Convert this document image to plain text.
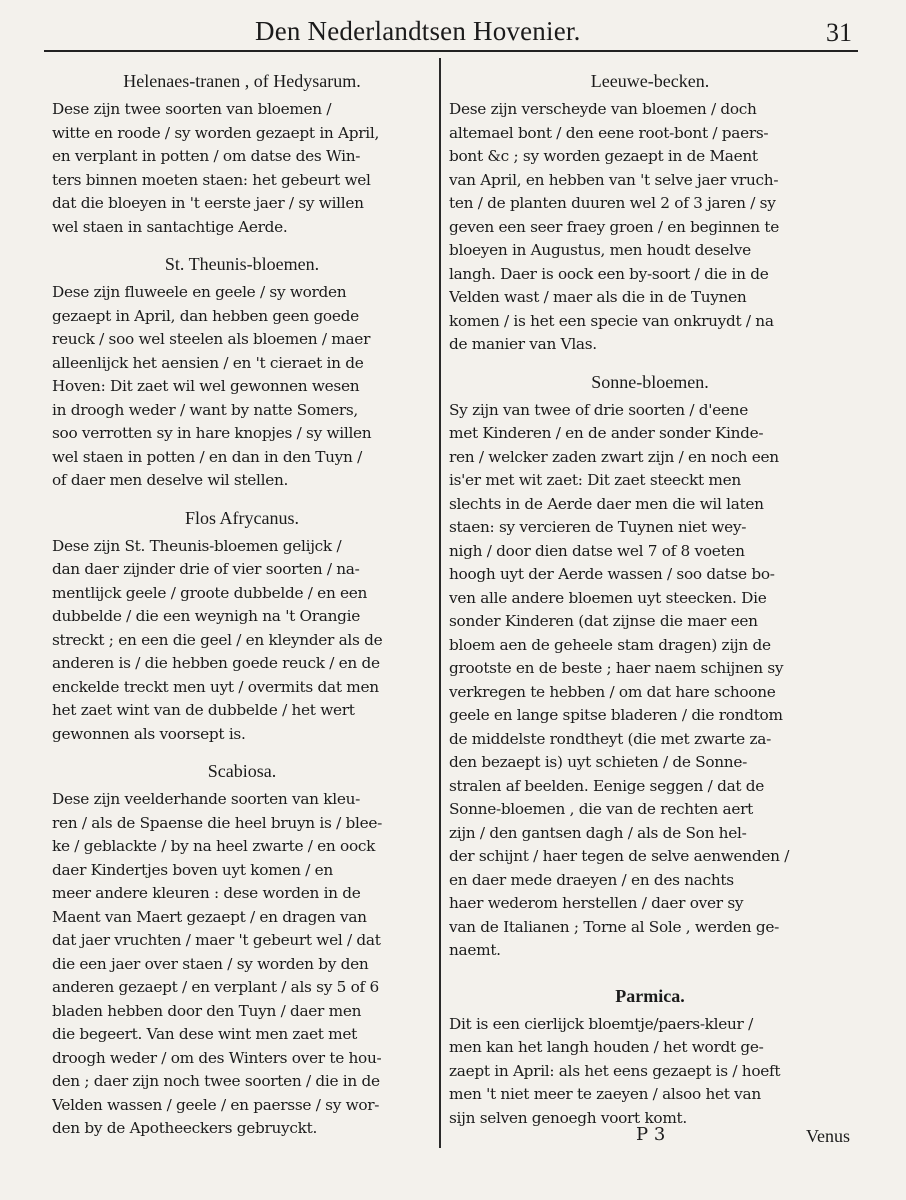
Den Nederlandtsen Hovenier.	31
Helenaes-tranen , of Hedysarum.

Dese zijn twee soorten van bloemen /
witte en roode / sy worden gezaept in April,
en verplant in potten / om datse des Win-
ters binnen moeten staen: het gebeurt wel
dat die bloeyen in 't eerste jaer / sy willen
wel staen in santachtige Aerde.

St. Theunis-bloemen.

Dese zijn fluweele en geele / sy worden
gezaept in April, dan hebben geen goede
reuck / soo wel steelen als bloemen / maer
alleenlijck het aensien / en 't cieraet in de
Hoven: Dit zaet wil wel gewonnen wesen
in droogh weder / want by natte Somers,
soo verrotten sy in hare knopjes / sy willen
wel staen in potten / en dan in den Tuyn /
of daer men deselve wil stellen.

Flos Afrycanus.

Dese zijn St. Theunis-bloemen gelijck /
dan daer zijnder drie of vier soorten / na-
mentlijck geele / groote dubbelde / en een
dubbelde / die een weynigh na 't Orangie
streckt ; en een die geel / en kleynder als de
anderen is / die hebben goede reuck / en de
enckelde treckt men uyt / overmits dat men
het zaet wint van de dubbelde / het wert
gewonnen als voorsept is.

Scabiosa.

Dese zijn veelderhande soorten van kleu-
ren / als de Spaense die heel bruyn is / blee-
ke / geblackte / by na heel zwarte / en oock
daer Kindertjes boven uyt komen / en
meer andere kleuren : dese worden in de
Maent van Maert gezaept / en dragen van
dat jaer vruchten / maer 't gebeurt wel / dat
die een jaer over staen / sy worden by den
anderen gezaept / en verplant / als sy 5 of 6
bladen hebben door den Tuyn / daer men
die begeert. Van dese wint men zaet met
droogh weder / om des Winters over te hou-
den ; daer zijn noch twee soorten / die in de
Velden wassen / geele / en paersse / sy wor-
den by de Apotheeckers gebruyckt.

Leeuwe-becken.

Dese zijn verscheyde van bloemen / doch
altemael bont / den eene root-bont / paers-
bont &c ; sy worden gezaept in de Maent
van April, en hebben van 't selve jaer vruch-
ten / de planten duuren wel 2 of 3 jaren / sy
geven een seer fraey groen / en beginnen te
bloeyen in Augustus, men houdt deselve
langh. Daer is oock een by-soort / die in de
Velden wast / maer als die in de Tuynen
komen / is het een specie van onkruydt / na
de manier van Vlas.

Sonne-bloemen.

Sy zijn van twee of drie soorten / d'eene
met Kinderen / en de ander sonder Kinde-
ren / welcker zaden zwart zijn / en noch een
is'er met wit zaet: Dit zaet steeckt men
slechts in de Aerde daer men die wil laten
staen: sy vercieren de Tuynen niet wey-
nigh / door dien datse wel 7 of 8 voeten
hoogh uyt der Aerde wassen / soo datse bo-
ven alle andere bloemen uyt steecken. Die
sonder Kinderen (dat zijnse die maer een
bloem aen de geheele stam dragen) zijn de
grootste en de beste ; haer naem schijnen sy
verkregen te hebben / om dat hare schoone
geele en lange spitse bladeren / die rondtom
de middelste rondtheyt (die met zwarte za-
den bezaept is) uyt schieten / de Sonne-
stralen af beelden. Eenige seggen / dat de
Sonne-bloemen , die van de rechten aert
zijn / den gantsen dagh / als de Son hel-
der schijnt / haer tegen de selve aenwenden /
en daer mede draeyen / en des nachts
haer wederom herstellen / daer over sy
van de Italianen ; Torne al Sole , werden ge-
naemt.

Parmica.

Dit is een cierlijck bloemtje/paers-kleur /
men kan het langh houden / het wordt ge-
zaept in April: als het eens gezaept is / hoeft
men 't niet meer te zaeyen / alsoo het van
sijn selven genoegh voort komt.

P 3	Venus
